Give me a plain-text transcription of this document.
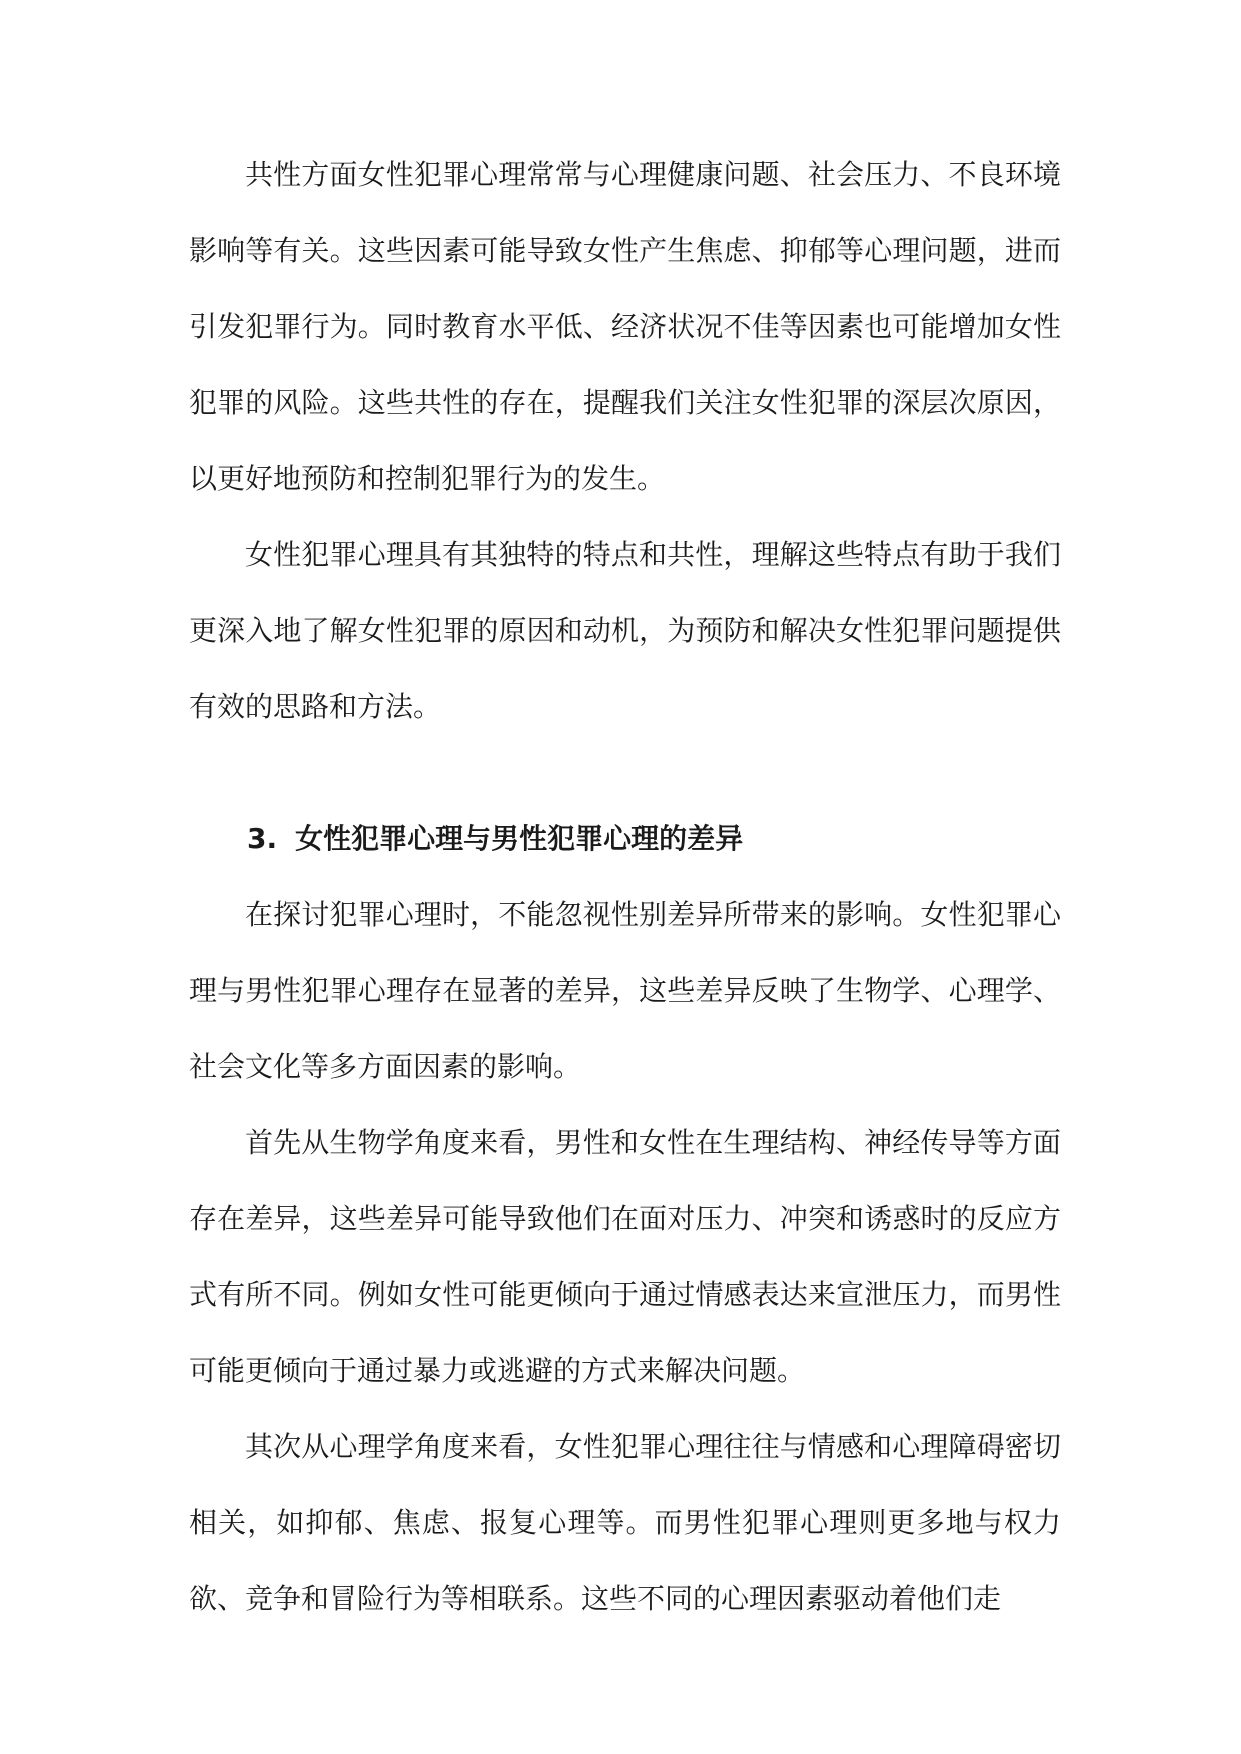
共性方面女性犯罪心理常常与心理健康问题、社会压力、不良环境影响等有关。这些因素可能导致女性产生焦虑、抑郁等心理问题，进而引发犯罪行为。同时教育水平低、经济状况不佳等因素也可能增加女性犯罪的风险。这些共性的存在，提醒我们关注女性犯罪的深层次原因，以更好地预防和控制犯罪行为的发生。

女性犯罪心理具有其独特的特点和共性，理解这些特点有助于我们更深入地了解女性犯罪的原因和动机，为预防和解决女性犯罪问题提供有效的思路和方法。

3. 女性犯罪心理与男性犯罪心理的差异

在探讨犯罪心理时，不能忽视性别差异所带来的影响。女性犯罪心理与男性犯罪心理存在显著的差异，这些差异反映了生物学、心理学、社会文化等多方面因素的影响。

首先从生物学角度来看，男性和女性在生理结构、神经传导等方面存在差异，这些差异可能导致他们在面对压力、冲突和诱惑时的反应方式有所不同。例如女性可能更倾向于通过情感表达来宣泄压力，而男性可能更倾向于通过暴力或逃避的方式来解决问题。

其次从心理学角度来看，女性犯罪心理往往与情感和心理障碍密切相关，如抑郁、焦虑、报复心理等。而男性犯罪心理则更多地与权力欲、竞争和冒险行为等相联系。这些不同的心理因素驱动着他们走
